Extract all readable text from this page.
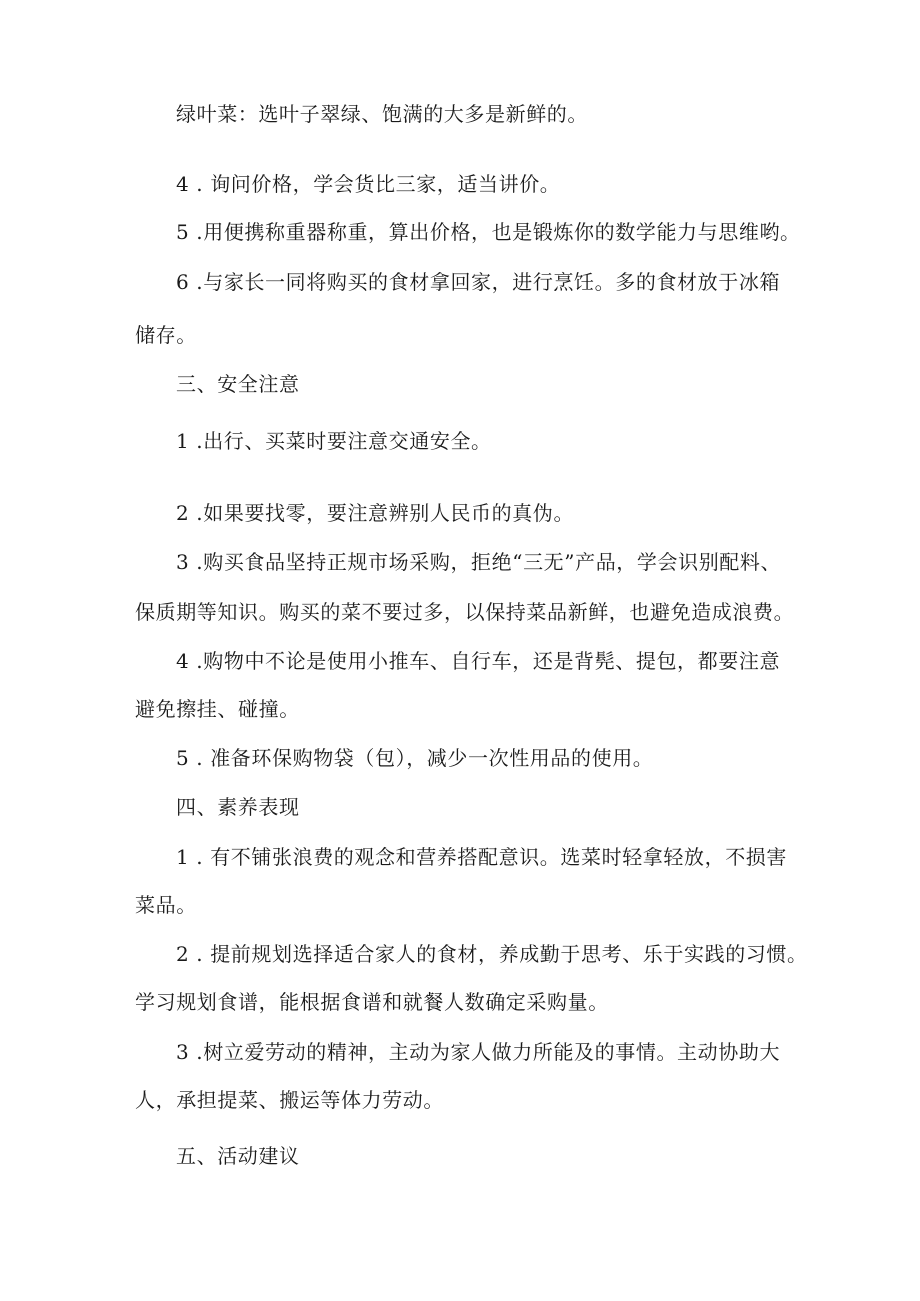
绿叶菜：选叶子翠绿、饱满的大多是新鲜的。
4 . 询问价格，学会货比三家，适当讲价。
5 .用便携称重器称重，算出价格，也是锻炼你的数学能力与思维哟。
6 .与家长一同将购买的食材拿回家，进行烹饪。多的食材放于冰箱
储存。
三、安全注意
1 .出行、买菜时要注意交通安全。
2 .如果要找零，要注意辨别人民币的真伪。
3 .购买食品坚持正规市场采购，拒绝“三无”产品，学会识别配料、
保质期等知识。购买的菜不要过多，以保持菜品新鲜，也避免造成浪费。
4 .购物中不论是使用小推车、自行车，还是背髡、提包，都要注意
避免擦挂、碰撞。
5 . 准备环保购物袋（包），减少一次性用品的使用。
四、素养表现
1 . 有不铺张浪费的观念和营养搭配意识。选菜时轻拿轻放，不损害
菜品。
2 . 提前规划选择适合家人的食材，养成勤于思考、乐于实践的习惯。
学习规划食谱，能根据食谱和就餐人数确定采购量。
3 .树立爱劳动的精神，主动为家人做力所能及的事情。主动协助大
人，承担提菜、搬运等体力劳动。
五、活动建议
